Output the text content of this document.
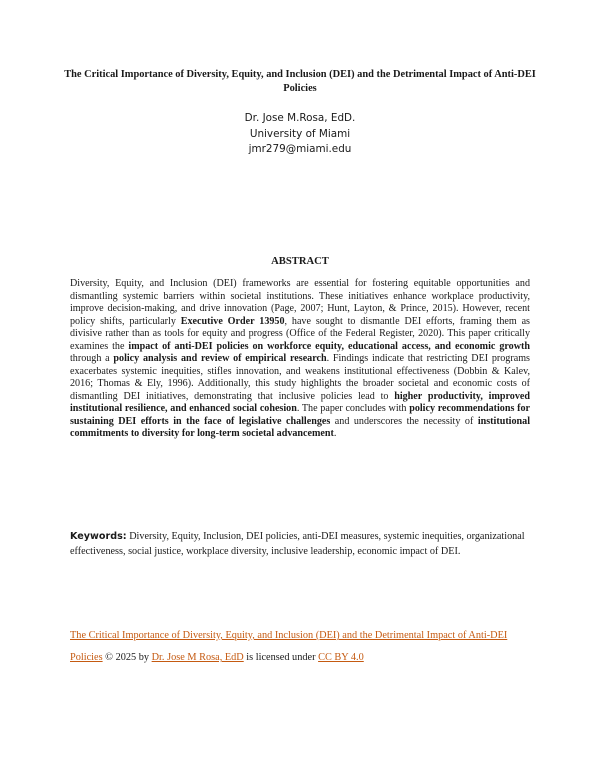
The Critical Importance of Diversity, Equity, and Inclusion (DEI) and the Detrimental Impact of Anti-DEI Policies

Dr. Jose M.Rosa, EdD.
University of Miami
jmr279@miami.edu

ABSTRACT

Diversity, Equity, and Inclusion (DEI) frameworks are essential for fostering equitable opportunities and dismantling systemic barriers within societal institutions. These initiatives enhance workplace productivity, improve decision-making, and drive innovation (Page, 2007; Hunt, Layton, & Prince, 2015). However, recent policy shifts, particularly Executive Order 13950, have sought to dismantle DEI efforts, framing them as divisive rather than as tools for equity and progress (Office of the Federal Register, 2020). This paper critically examines the impact of anti-DEI policies on workforce equity, educational access, and economic growth through a policy analysis and review of empirical research. Findings indicate that restricting DEI programs exacerbates systemic inequities, stifles innovation, and weakens institutional effectiveness (Dobbin & Kalev, 2016; Thomas & Ely, 1996). Additionally, this study highlights the broader societal and economic costs of dismantling DEI initiatives, demonstrating that inclusive policies lead to higher productivity, improved institutional resilience, and enhanced social cohesion. The paper concludes with policy recommendations for sustaining DEI efforts in the face of legislative challenges and underscores the necessity of institutional commitments to diversity for long-term societal advancement.

Keywords: Diversity, Equity, Inclusion, DEI policies, anti-DEI measures, systemic inequities, organizational effectiveness, social justice, workplace diversity, inclusive leadership, economic impact of DEI.

The Critical Importance of Diversity, Equity, and Inclusion (DEI) and the Detrimental Impact of Anti-DEI Policies © 2025 by Dr. Jose M Rosa, EdD is licensed under CC BY 4.0
